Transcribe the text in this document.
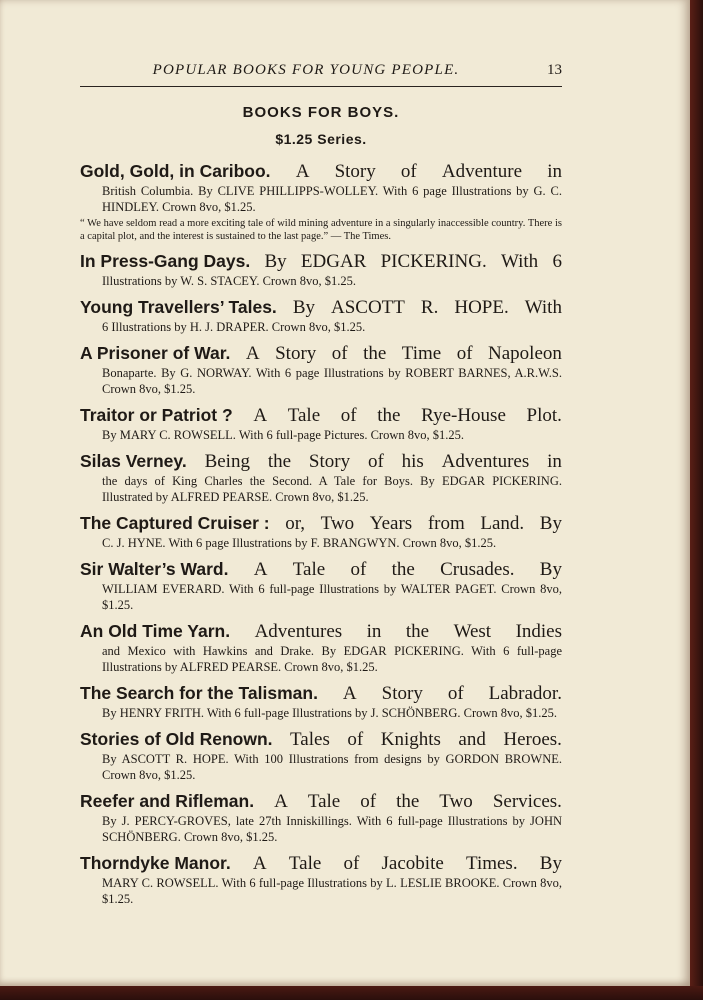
POPULAR BOOKS FOR YOUNG PEOPLE.	13
BOOKS FOR BOYS.
$1.25 Series.
Gold, Gold, in Cariboo. A Story of Adventure in
British Columbia. By CLIVE PHILLIPPS-WOLLEY. With 6 page Illustrations by G. C. HINDLEY. Crown 8vo, $1.25.
“ We have seldom read a more exciting tale of wild mining adventure in a singularly inaccessible country. There is a capital plot, and the interest is sustained to the last page.” — The Times.
In Press-Gang Days. By EDGAR PICKERING. With 6
Illustrations by W. S. STACEY. Crown 8vo, $1.25.
Young Travellers’ Tales. By ASCOTT R. HOPE. With
6 Illustrations by H. J. DRAPER. Crown 8vo, $1.25.
A Prisoner of War. A Story of the Time of Napoleon
Bonaparte. By G. NORWAY. With 6 page Illustrations by ROBERT BARNES, A.R.W.S. Crown 8vo, $1.25.
Traitor or Patriot ? A Tale of the Rye-House Plot.
By MARY C. ROWSELL. With 6 full-page Pictures. Crown 8vo, $1.25.
Silas Verney. Being the Story of his Adventures in
the days of King Charles the Second. A Tale for Boys. By EDGAR PICKERING. Illustrated by ALFRED PEARSE. Crown 8vo, $1.25.
The Captured Cruiser : or, Two Years from Land. By
C. J. HYNE. With 6 page Illustrations by F. BRANGWYN. Crown 8vo, $1.25.
Sir Walter’s Ward. A Tale of the Crusades. By
WILLIAM EVERARD. With 6 full-page Illustrations by WALTER PAGET. Crown 8vo, $1.25.
An Old Time Yarn. Adventures in the West Indies
and Mexico with Hawkins and Drake. By EDGAR PICKERING. With 6 full-page Illustrations by ALFRED PEARSE. Crown 8vo, $1.25.
The Search for the Talisman. A Story of Labrador.
By HENRY FRITH. With 6 full-page Illustrations by J. SCHÖNBERG. Crown 8vo, $1.25.
Stories of Old Renown. Tales of Knights and Heroes.
By ASCOTT R. HOPE. With 100 Illustrations from designs by GORDON BROWNE. Crown 8vo, $1.25.
Reefer and Rifleman. A Tale of the Two Services.
By J. PERCY-GROVES, late 27th Inniskillings. With 6 full-page Illustrations by JOHN SCHÖNBERG. Crown 8vo, $1.25.
Thorndyke Manor. A Tale of Jacobite Times. By
MARY C. ROWSELL. With 6 full-page Illustrations by L. LESLIE BROOKE. Crown 8vo, $1.25.
